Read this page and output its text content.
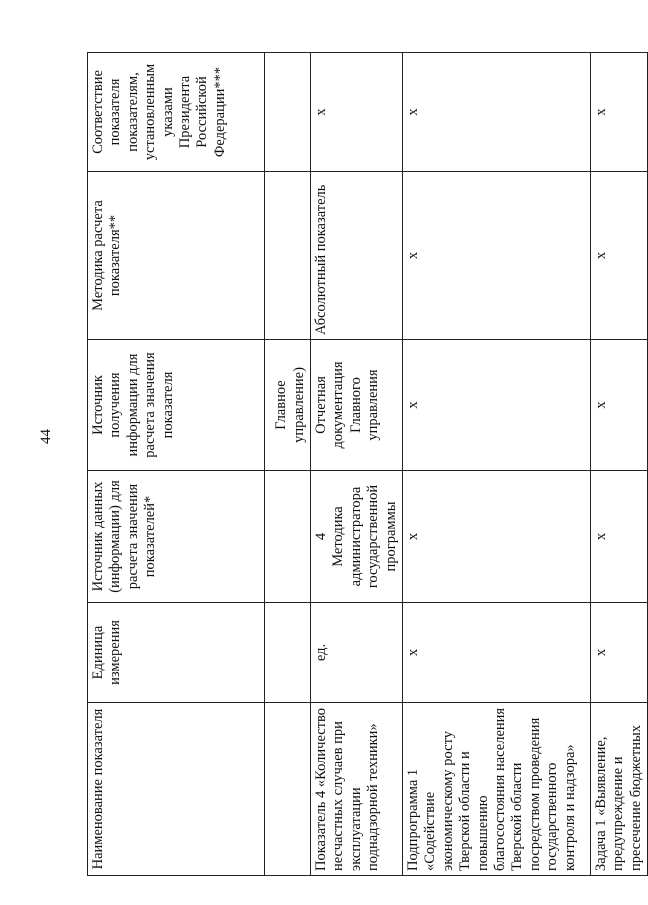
44
Наименование показателя	Единица измерения	Источник данных (информации) для расчета значения показателей*	Источник получения информации для расчета значения показателя	Методика расчета показателя**	Соответствие показателя показателям, установленным указами Президента Российской Федерации***
			Главное управление)		
Показатель 4 «Количество несчастных случаев при эксплуатации поднадзорной техники»	ед.	4 Методика администратора государственной программы	Отчетная документация Главного управления	Абсолютный показатель	х
Подпрограмма 1 «Содействие экономическому росту Тверской области и повышению благосостояния населения Тверской области посредством проведения государственного контроля и надзора»	х	х	х	х	х
Задача 1 «Выявление, предупреждение и пресечение бюджетных	х	х	х	х	х
